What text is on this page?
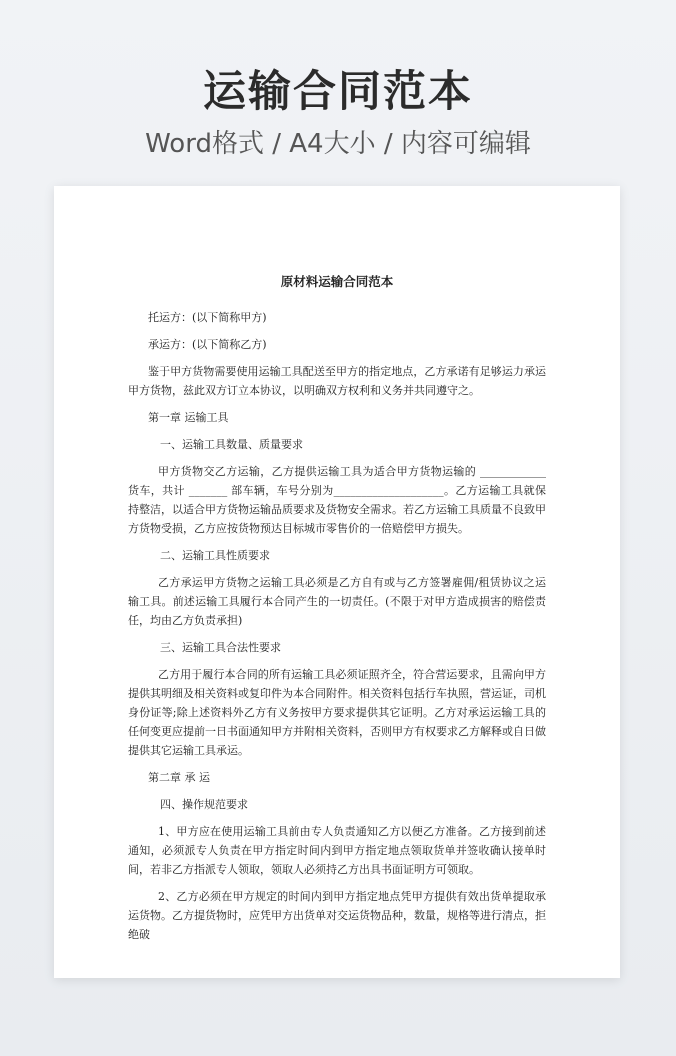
运输合同范本
Word格式 / A4大小 / 内容可编辑
原材料运输合同范本
托运方：(以下简称甲方)
承运方：(以下简称乙方)

鉴于甲方货物需要使用运输工具配送至甲方的指定地点，乙方承诺有足够运力承运甲方货物，兹此双方订立本协议，以明确双方权利和义务并共同遵守之。

第一章 运输工具
一、运输工具数量、质量要求

甲方货物交乙方运输，乙方提供运输工具为适合甲方货物运输的 ____________ 货车，共计 _______ 部车辆，车号分别为____________________。乙方运输工具就保持整洁，以适合甲方货物运输品质要求及货物安全需求。若乙方运输工具质量不良致甲方货物受损，乙方应按货物预达目标城市零售价的一倍赔偿甲方损失。

二、运输工具性质要求

乙方承运甲方货物之运输工具必须是乙方自有或与乙方签署雇佣/租赁协议之运输工具。前述运输工具履行本合同产生的一切责任。(不限于对甲方造成损害的赔偿责任，均由乙方负责承担)

三、运输工具合法性要求

乙方用于履行本合同的所有运输工具必须证照齐全，符合营运要求，且需向甲方提供其明细及相关资料或复印件为本合同附件。相关资料包括行车执照，营运证，司机身份证等;除上述资料外乙方有义务按甲方要求提供其它证明。乙方对承运运输工具的任何变更应提前一日书面通知甲方并附相关资料，否则甲方有权要求乙方解释或自日做提供其它运输工具承运。

第二章 承 运
四、操作规范要求

1、甲方应在使用运输工具前由专人负责通知乙方以便乙方准备。乙方接到前述通知，必须派专人负责在甲方指定时间内到甲方指定地点领取货单并签收确认接单时间，若非乙方指派专人领取，领取人必须持乙方出具书面证明方可领取。

2、乙方必须在甲方规定的时间内到甲方指定地点凭甲方提供有效出货单提取承运货物。乙方提货物时，应凭甲方出货单对交运货物品种，数量，规格等进行清点，拒绝破
